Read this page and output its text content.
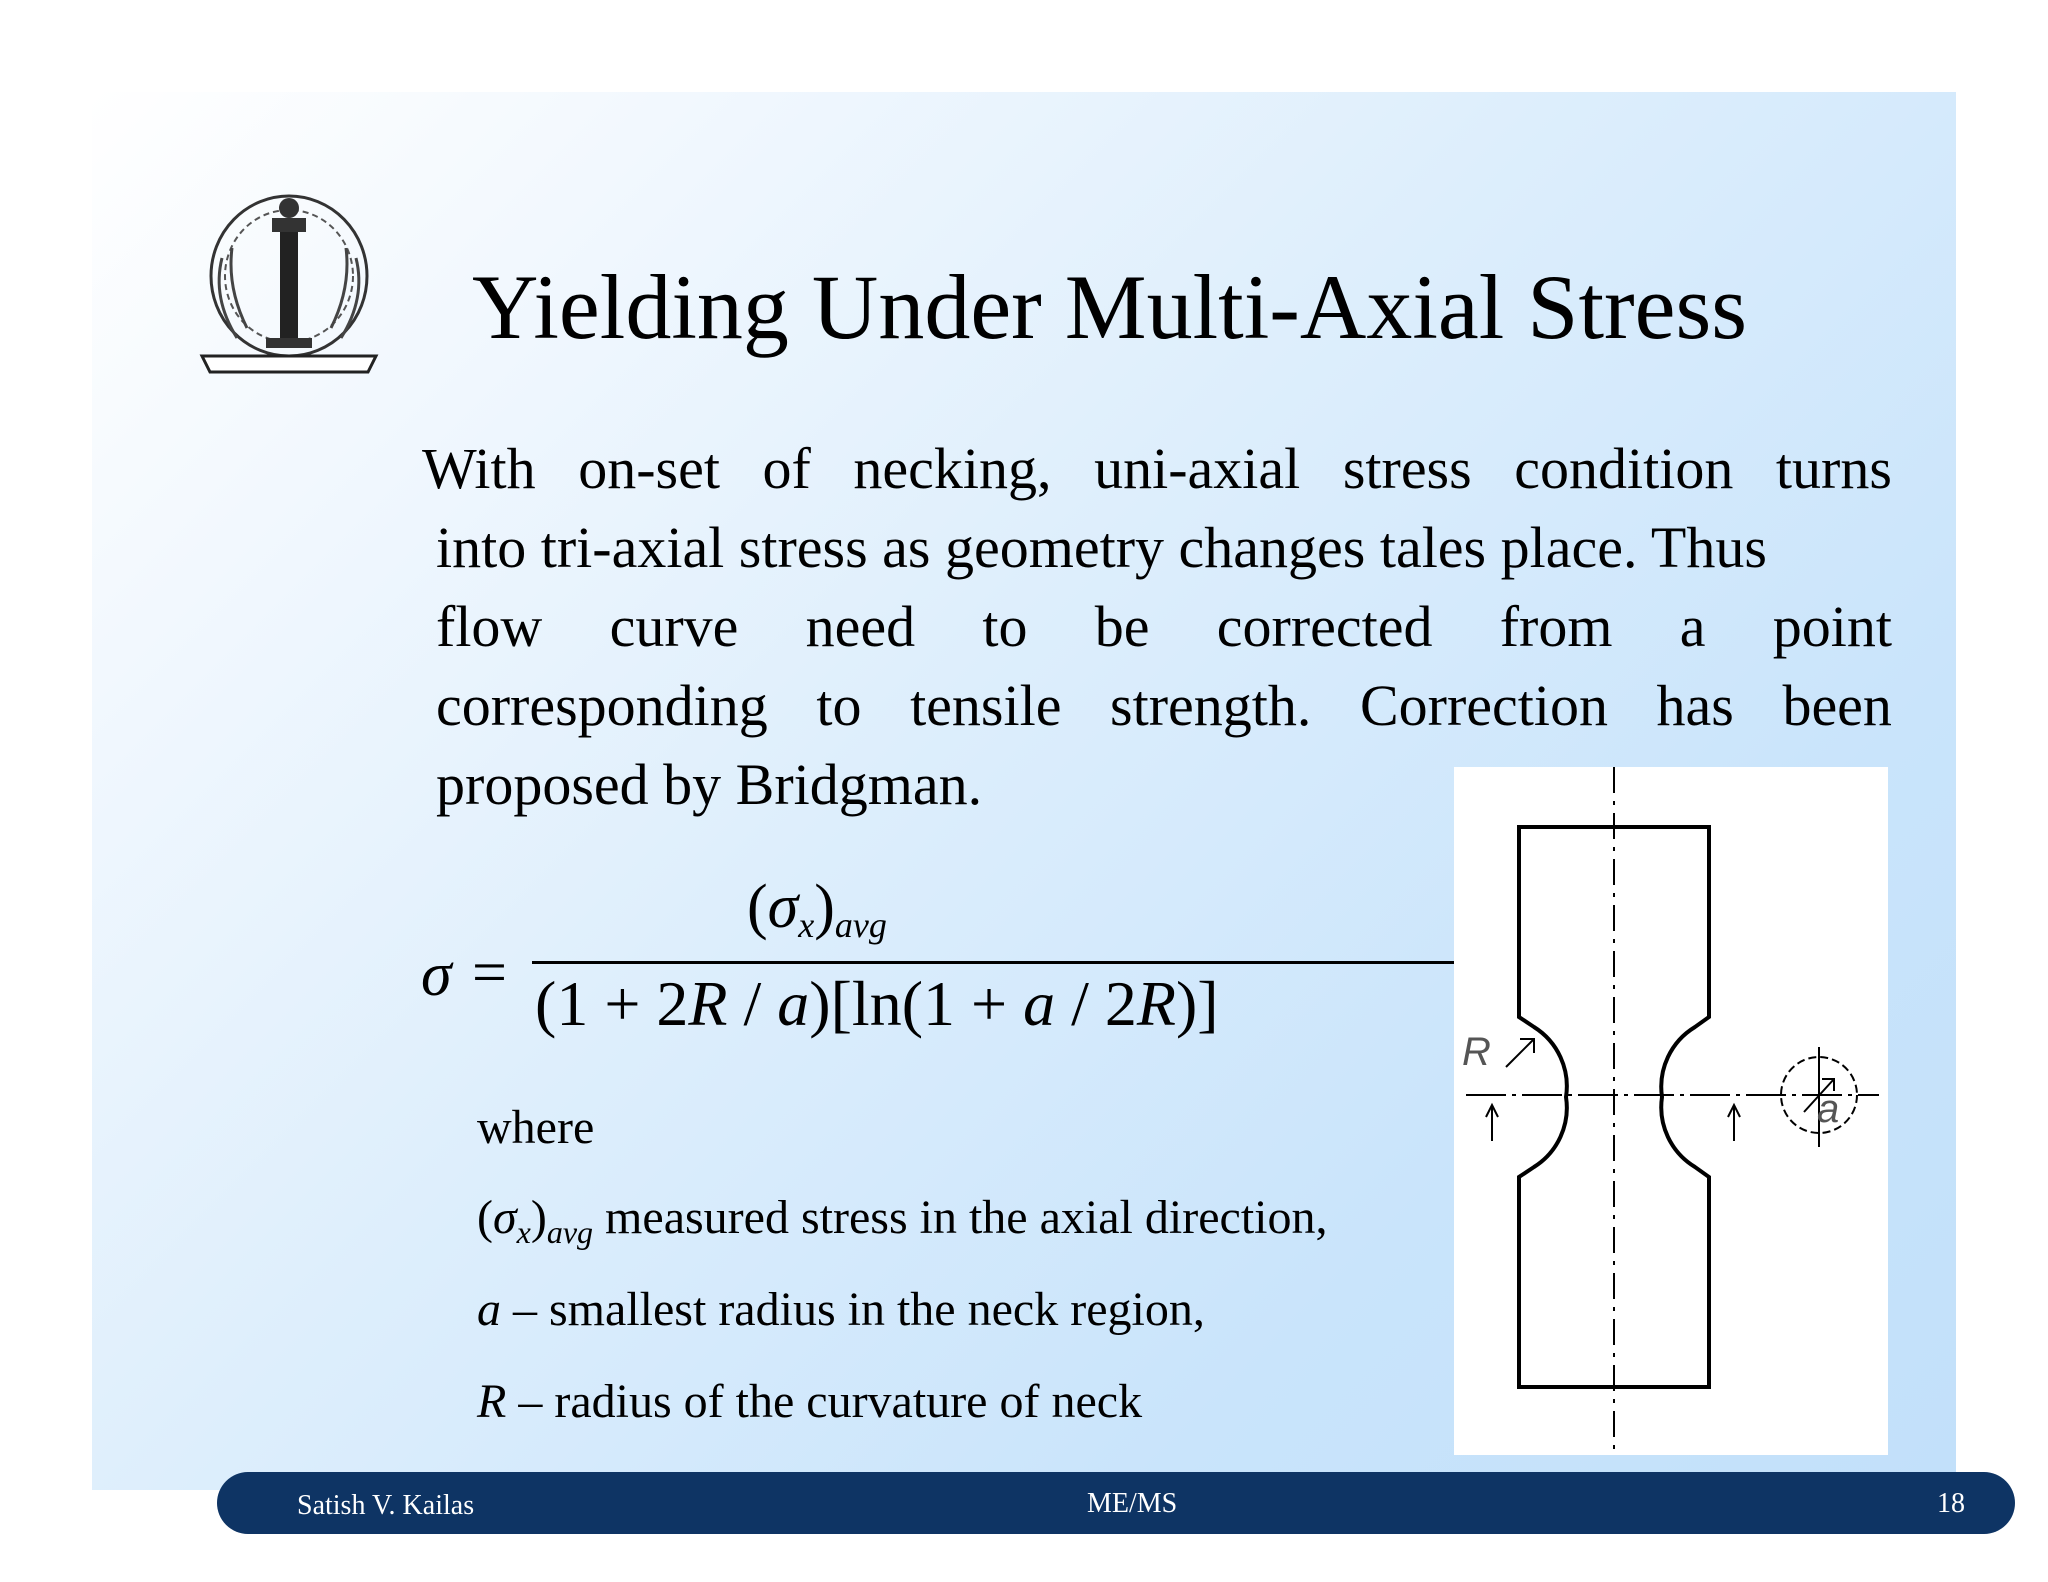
Yielding Under Multi-Axial Stress
With on-set of necking, uni-axial stress condition turns
into tri-axial stress as geometry changes tales place. Thus
flow curve need to be corrected from a point
corresponding to tensile strength. Correction has been
proposed by Bridgman.
σ =
$(\sigma_x)_{avg}$
(1 + 2R / a)[ln(1 + a / 2R)]
where
$(\sigma_x)_{avg}$ measured stress in the axial direction,
a – smallest radius in the neck region,
R – radius of the curvature of neck
R
a
Satish V. Kailas	ME/MS	18
